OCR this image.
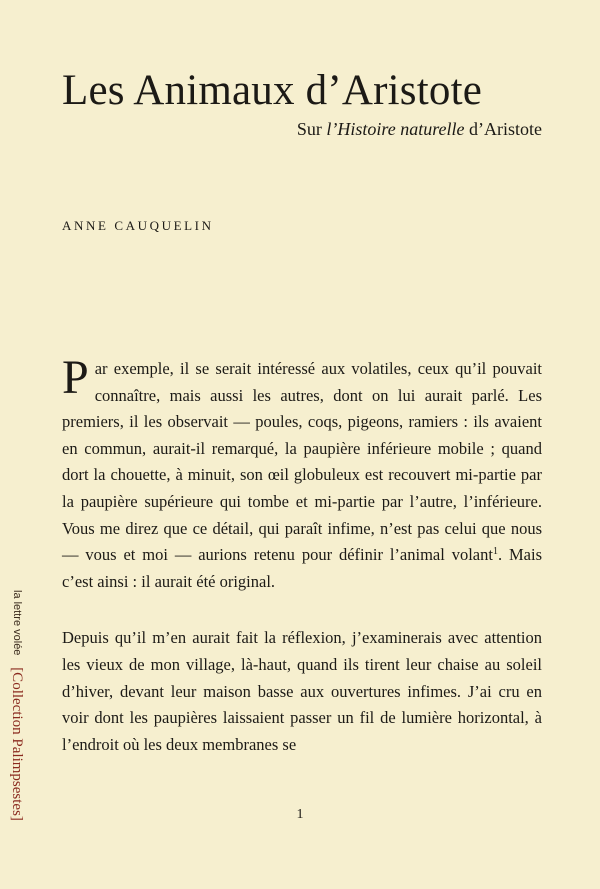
Les Animaux d’Aristote
Sur l’Histoire naturelle d’Aristote
ANNE CAUQUELIN

Par exemple, il se serait intéressé aux volatiles, ceux qu’il pouvait connaître, mais aussi les autres, dont on lui aurait parlé. Les premiers, il les observait — poules, coqs, pigeons, ramiers : ils avaient en commun, aurait-il remarqué, la paupière inférieure mobile ; quand dort la chouette, à minuit, son œil globuleux est recouvert mi-partie par la paupière supérieure qui tombe et mi-partie par l’autre, l’inférieure. Vous me direz que ce détail, qui paraît infime, n’est pas celui que nous — vous et moi — aurions retenu pour définir l’animal volant$^1$. Mais c’est ainsi : il aurait été original.

Depuis qu’il m’en aurait fait la réflexion, j’examinerais avec attention les vieux de mon village, là-haut, quand ils tirent leur chaise au soleil d’hiver, devant leur maison basse aux ouvertures infimes. J’ai cru en voir dont les paupières laissaient passer un fil de lumière horizontal, à l’endroit où les deux membranes se

1
la lettre volée [Collection Palimpsestes]
